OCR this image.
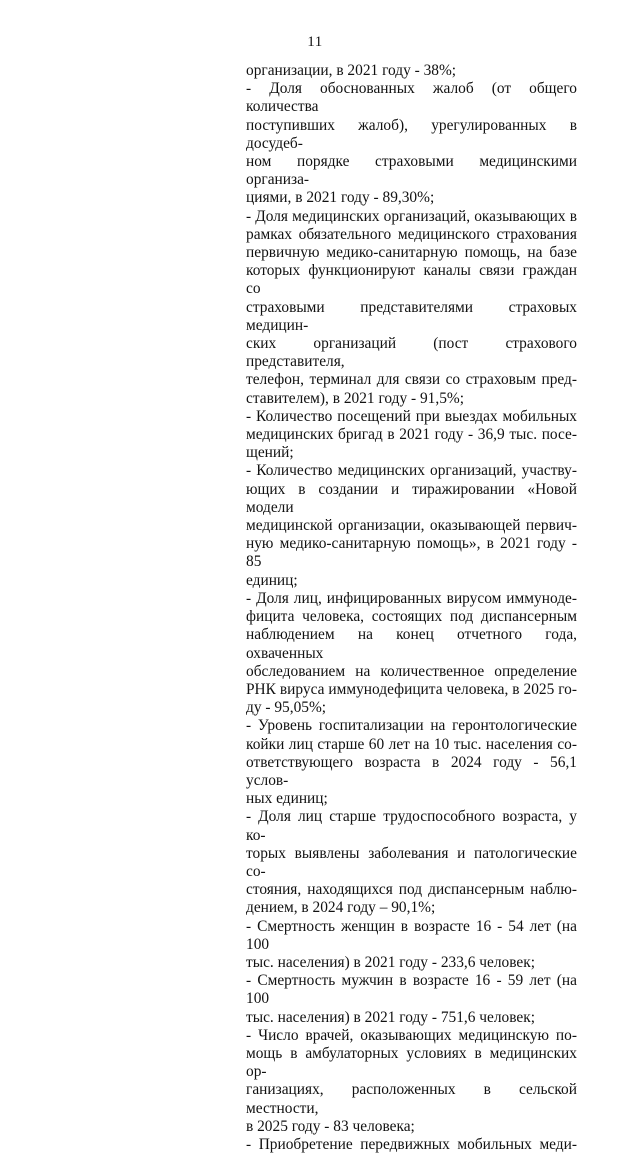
11
организации, в 2021 году - 38%;
- Доля обоснованных жалоб (от общего количества
поступивших жалоб), урегулированных в досудеб-
ном порядке страховыми медицинскими организа-
циями, в 2021 году - 89,30%;
- Доля медицинских организаций, оказывающих в
рамках обязательного медицинского страхования
первичную медико-санитарную помощь, на базе
которых функционируют каналы связи граждан со
страховыми представителями страховых медицин-
ских организаций (пост страхового представителя,
телефон, терминал для связи со страховым пред-
ставителем), в 2021 году - 91,5%;
- Количество посещений при выездах мобильных
медицинских бригад в 2021 году - 36,9 тыс. посе-
щений;
- Количество медицинских организаций, участву-
ющих в создании и тиражировании «Новой модели
медицинской организации, оказывающей первич-
ную медико-санитарную помощь», в 2021 году - 85
единиц;
- Доля лиц, инфицированных вирусом иммуноде-
фицита человека, состоящих под диспансерным
наблюдением на конец отчетного года, охваченных
обследованием на количественное определение
РНК вируса иммунодефицита человека, в 2025 го-
ду - 95,05%;
- Уровень госпитализации на геронтологические
койки лиц старше 60 лет на 10 тыс. населения со-
ответствующего возраста в 2024 году - 56,1 услов-
ных единиц;
- Доля лиц старше трудоспособного возраста, у ко-
торых выявлены заболевания и патологические со-
стояния, находящихся под диспансерным наблю-
дением, в 2024 году – 90,1%;
- Смертность женщин в возрасте 16 - 54 лет (на 100
тыс. населения) в 2021 году - 233,6 человек;
- Смертность мужчин в возрасте 16 - 59 лет (на 100
тыс. населения) в 2021 году - 751,6 человек;
- Число врачей, оказывающих медицинскую по-
мощь в амбулаторных условиях в медицинских ор-
ганизациях, расположенных в сельской местности,
в 2025 году - 83 человека;
- Приобретение передвижных мобильных меди-
